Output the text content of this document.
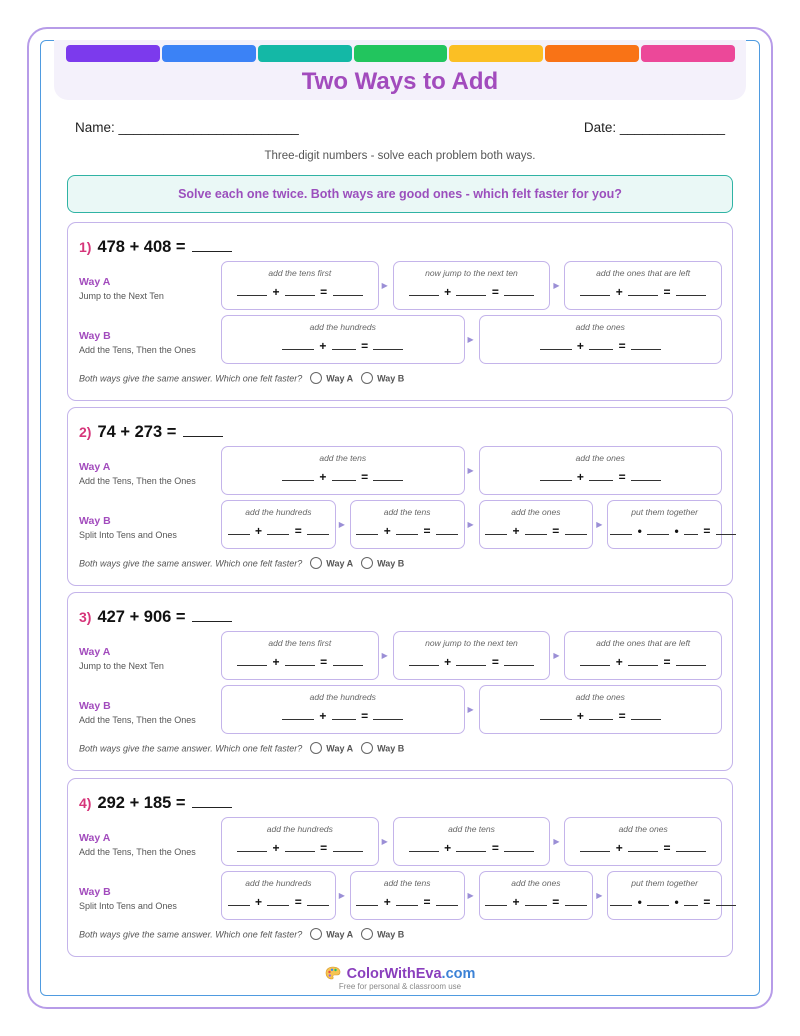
Two Ways to Add
Name: ________________________	Date: ______________
Three-digit numbers - solve each problem both ways.
Solve each one twice. Both ways are good ones - which felt faster for you?
1) 478 + 408 =
Way A
Jump to the Next Ten
add the tens first
+	=	▶
now jump to the next ten
+	=	▶
add the ones that are left
+	=
Way B
Add the Tens, Then the Ones
add the hundreds
+  =	▶
add the ones
+  =
Both ways give the same answer. Which one felt faster?	Way A	Way B
2) 74 + 273 =
Way A
Add the Tens, Then the Ones
add the tens
+  =	▶
add the ones
+  =
Way B
Split Into Tens and Ones
add the hundreds
+  =	▶
add the tens
+  =	▶
add the ones
+  =	▶
put them together
•  •  =
Both ways give the same answer. Which one felt faster?	Way A	Way B
3) 427 + 906 =
Way A
Jump to the Next Ten
add the tens first
+	=	▶
now jump to the next ten
+	=	▶
add the ones that are left
+	=
Way B
Add the Tens, Then the Ones
add the hundreds
+  =	▶
add the ones
+  =
Both ways give the same answer. Which one felt faster?	Way A	Way B
4) 292 + 185 =
Way A
Add the Tens, Then the Ones
add the hundreds
+	=	▶
add the tens
+	=	▶
add the ones
+	=
Way B
Split Into Tens and Ones
add the hundreds
+  =	▶
add the tens
+  =	▶
add the ones
+  =	▶
put them together
•  •  =
Both ways give the same answer. Which one felt faster?	Way A	Way B
ColorWithEva.com
Free for personal & classroom use
